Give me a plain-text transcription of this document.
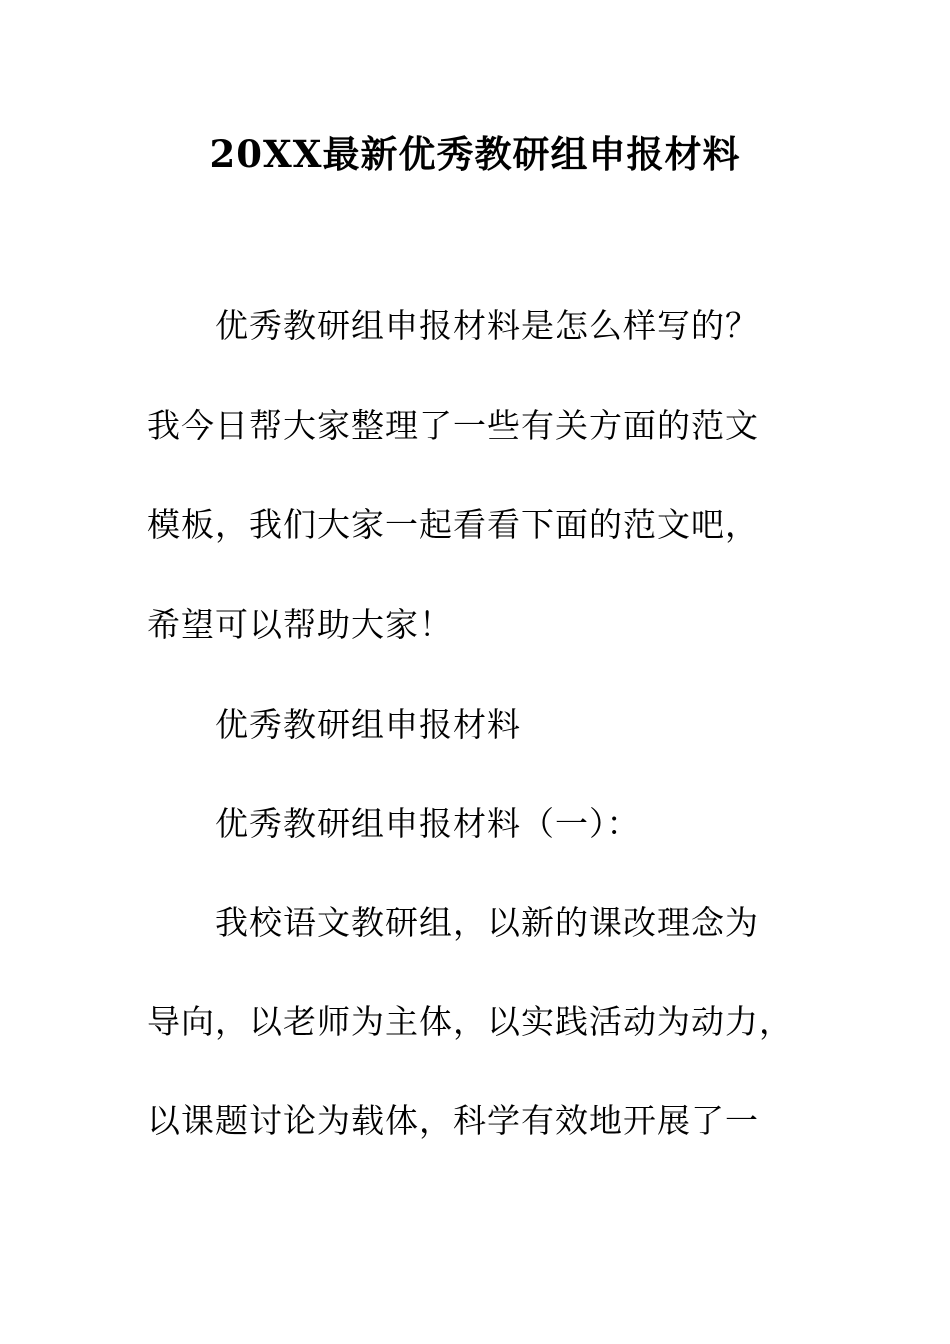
20XX最新优秀教研组申报材料
优秀教研组申报材料是怎么样写的？
我今日帮大家整理了一些有关方面的范文
模板，我们大家一起看看下面的范文吧，
希望可以帮助大家！
优秀教研组申报材料
优秀教研组申报材料（一）：
我校语文教研组，以新的课改理念为
导向，以老师为主体，以实践活动为动力，
以课题讨论为载体，科学有效地开展了一
